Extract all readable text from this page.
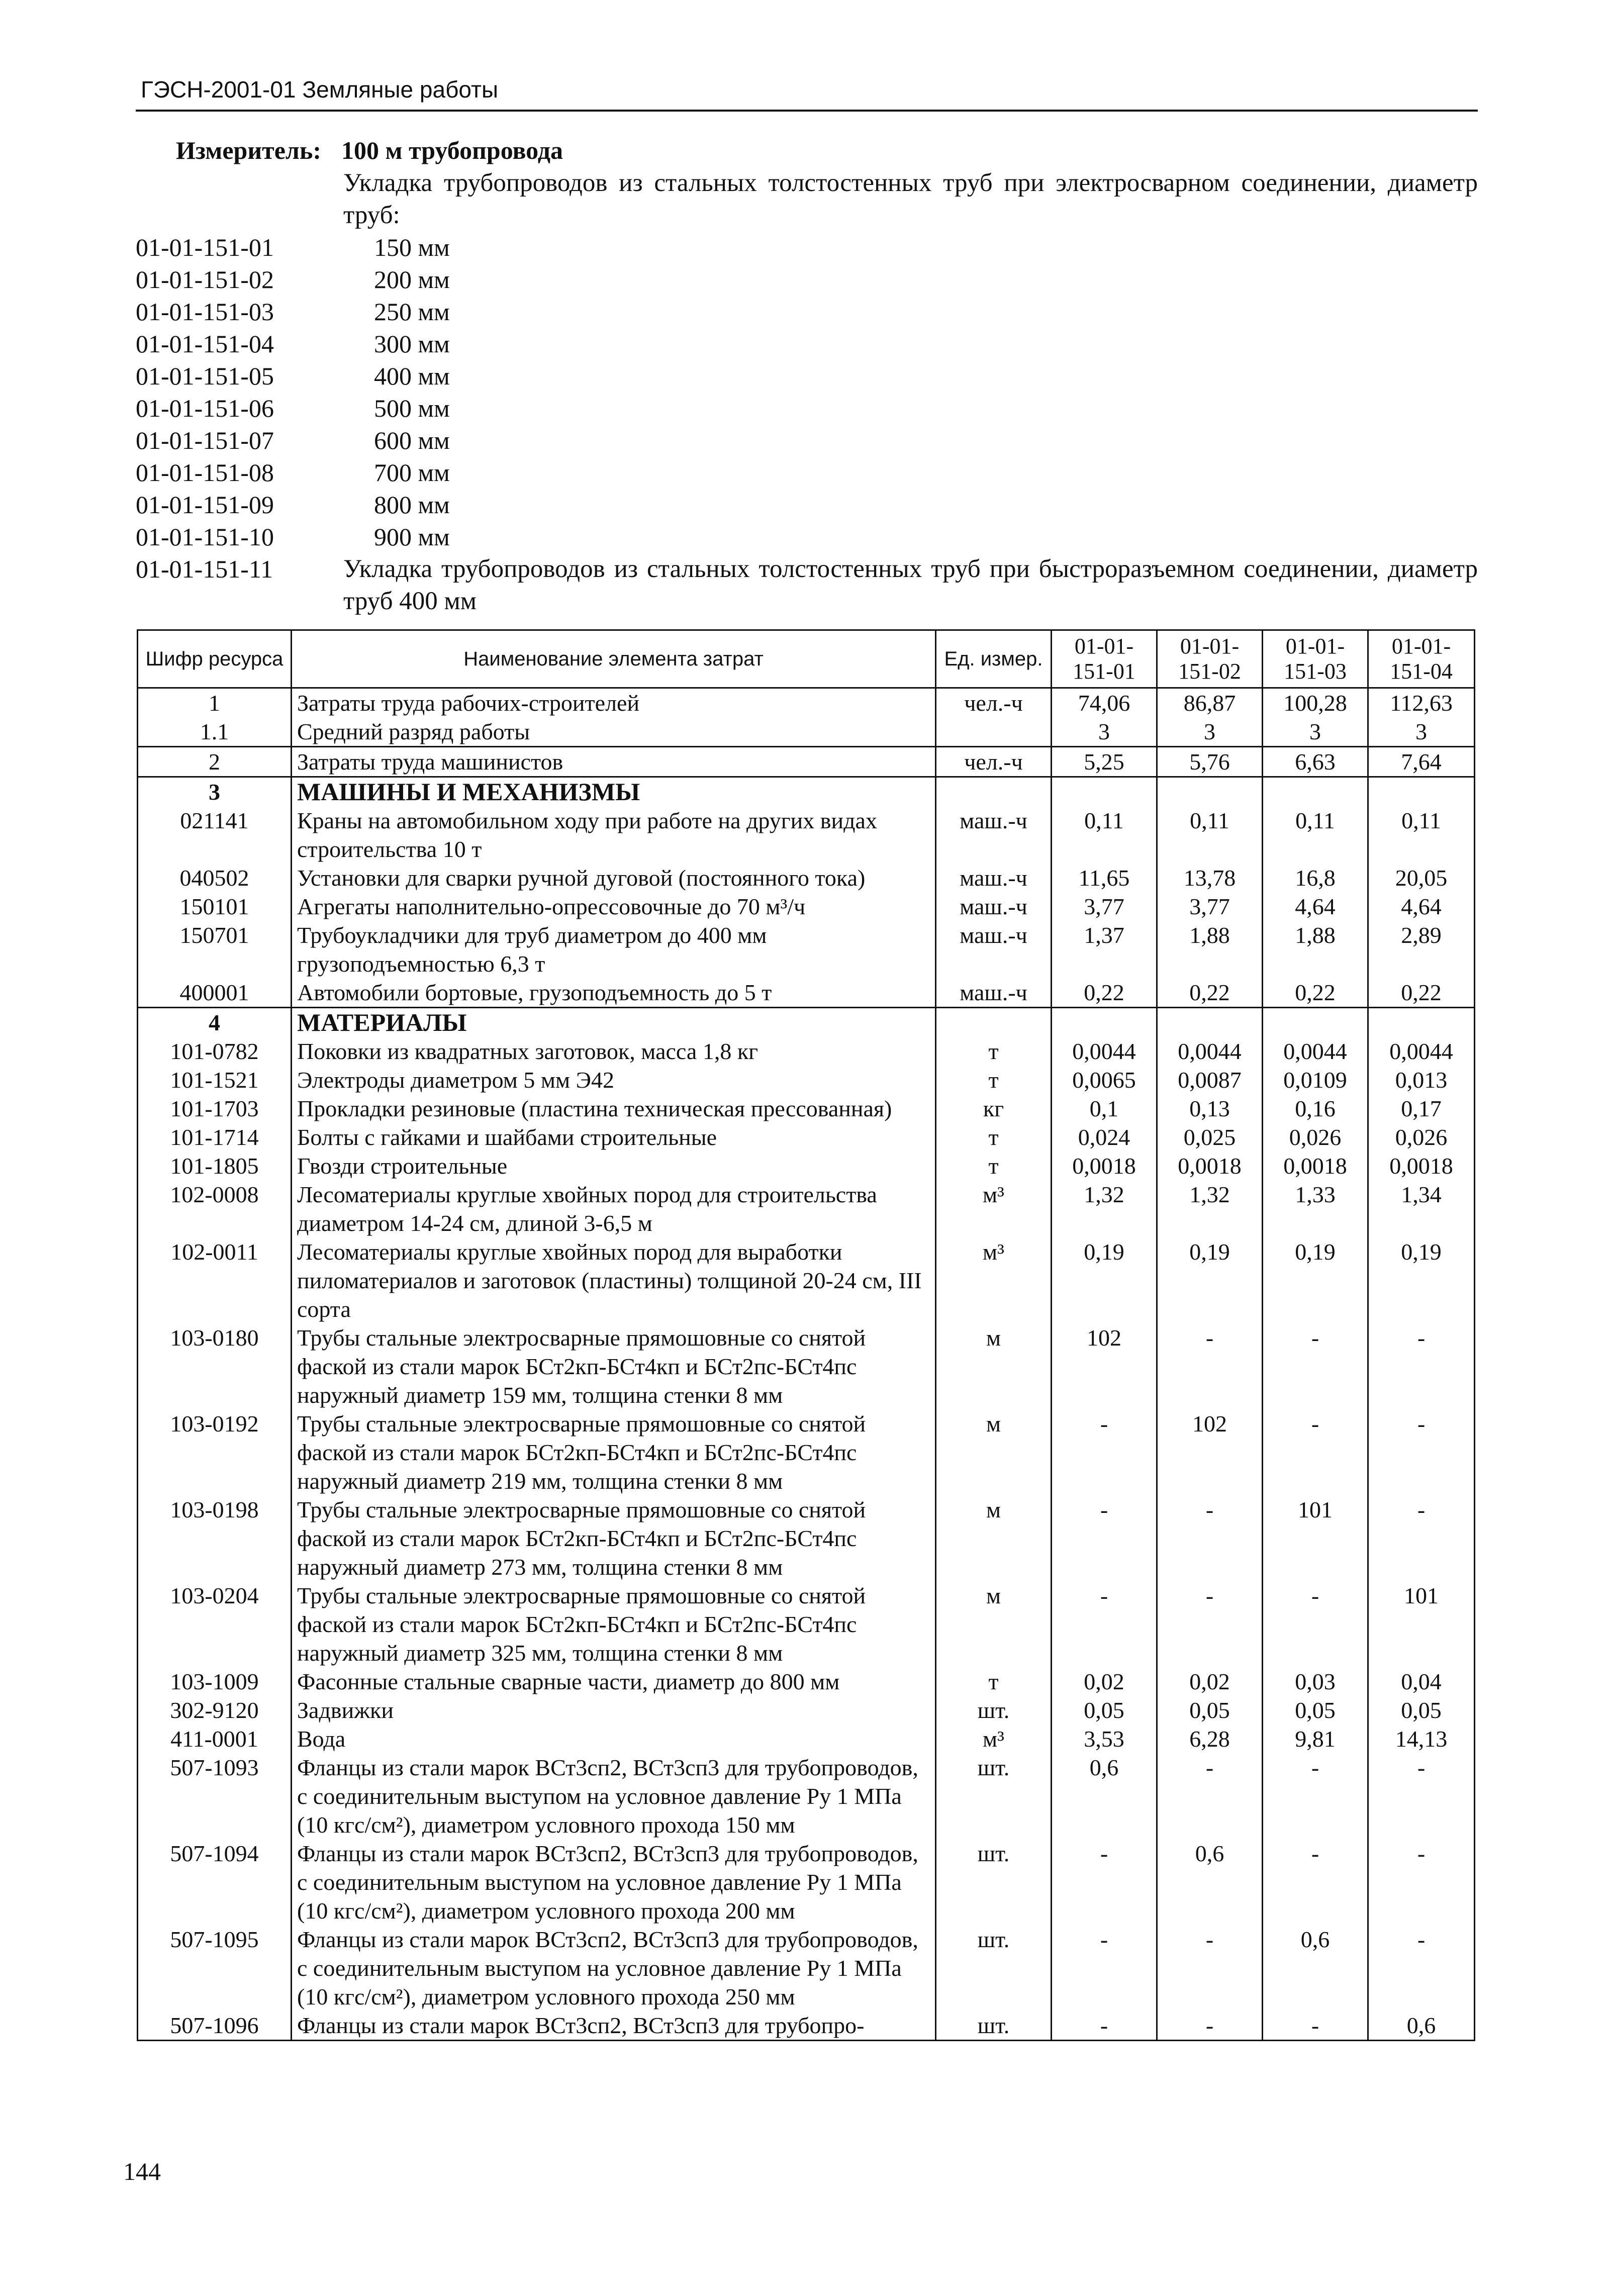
ГЭСН-2001-01 Земляные работы
Измеритель: 100 м трубопровода
Укладка трубопроводов из стальных толстостенных труб при электросварном соединении, диаметр труб:
01-01-151-01	150 мм
01-01-151-02	200 мм
01-01-151-03	250 мм
01-01-151-04	300 мм
01-01-151-05	400 мм
01-01-151-06	500 мм
01-01-151-07	600 мм
01-01-151-08	700 мм
01-01-151-09	800 мм
01-01-151-10	900 мм
01-01-151-11	Укладка трубопроводов из стальных толстостенных труб при быстроразъемном соединении, диаметр труб 400 мм
Шифр ресурса	Наименование элемента затрат	Ед. измер.	01-01-151-01	01-01-151-02	01-01-151-03	01-01-151-04
1	Затраты труда рабочих-строителей	чел.-ч	74,06	86,87	100,28	112,63
1.1	Средний разряд работы		3	3	3	3
2	Затраты труда машинистов	чел.-ч	5,25	5,76	6,63	7,64
3	МАШИНЫ И МЕХАНИЗМЫ					
021141	Краны на автомобильном ходу при работе на других видах строительства 10 т	маш.-ч	0,11	0,11	0,11	0,11
040502	Установки для сварки ручной дуговой (постоянного тока)	маш.-ч	11,65	13,78	16,8	20,05
150101	Агрегаты наполнительно-опрессовочные до 70 м³/ч	маш.-ч	3,77	3,77	4,64	4,64
150701	Трубоукладчики для труб диаметром до 400 мм грузоподъемностью 6,3 т	маш.-ч	1,37	1,88	1,88	2,89
400001	Автомобили бортовые, грузоподъемность до 5 т	маш.-ч	0,22	0,22	0,22	0,22
4	МАТЕРИАЛЫ					
101-0782	Поковки из квадратных заготовок, масса 1,8 кг	т	0,0044	0,0044	0,0044	0,0044
101-1521	Электроды диаметром 5 мм Э42	т	0,0065	0,0087	0,0109	0,013
101-1703	Прокладки резиновые (пластина техническая прессованная)	кг	0,1	0,13	0,16	0,17
101-1714	Болты с гайками и шайбами строительные	т	0,024	0,025	0,026	0,026
101-1805	Гвозди строительные	т	0,0018	0,0018	0,0018	0,0018
102-0008	Лесоматериалы круглые хвойных пород для строительства диаметром 14-24 см, длиной 3-6,5 м	м³	1,32	1,32	1,33	1,34
102-0011	Лесоматериалы круглые хвойных пород для выработки пиломатериалов и заготовок (пластины) толщиной 20-24 см, III сорта	м³	0,19	0,19	0,19	0,19
103-0180	Трубы стальные электросварные прямошовные со снятой фаской из стали марок БСт2кп-БСт4кп и БСт2пс-БСт4пс наружный диаметр 159 мм, толщина стенки 8 мм	м	102	-	-	-
103-0192	Трубы стальные электросварные прямошовные со снятой фаской из стали марок БСт2кп-БСт4кп и БСт2пс-БСт4пс наружный диаметр 219 мм, толщина стенки 8 мм	м	-	102	-	-
103-0198	Трубы стальные электросварные прямошовные со снятой фаской из стали марок БСт2кп-БСт4кп и БСт2пс-БСт4пс наружный диаметр 273 мм, толщина стенки 8 мм	м	-	-	101	-
103-0204	Трубы стальные электросварные прямошовные со снятой фаской из стали марок БСт2кп-БСт4кп и БСт2пс-БСт4пс наружный диаметр 325 мм, толщина стенки 8 мм	м	-	-	-	101
103-1009	Фасонные стальные сварные части, диаметр до 800 мм	т	0,02	0,02	0,03	0,04
302-9120	Задвижки	шт.	0,05	0,05	0,05	0,05
411-0001	Вода	м³	3,53	6,28	9,81	14,13
507-1093	Фланцы из стали марок ВСт3сп2, ВСт3сп3 для трубопроводов, с соединительным выступом на условное давление Ру 1 МПа (10 кгс/см²), диаметром условного прохода 150 мм	шт.	0,6	-	-	-
507-1094	Фланцы из стали марок ВСт3сп2, ВСт3сп3 для трубопроводов, с соединительным выступом на условное давление Ру 1 МПа (10 кгс/см²), диаметром условного прохода 200 мм	шт.	-	0,6	-	-
507-1095	Фланцы из стали марок ВСт3сп2, ВСт3сп3 для трубопроводов, с соединительным выступом на условное давление Ру 1 МПа (10 кгс/см²), диаметром условного прохода 250 мм	шт.	-	-	0,6	-
507-1096	Фланцы из стали марок ВСт3сп2, ВСт3сп3 для трубопро-	шт.	-	-	-	0,6
144
